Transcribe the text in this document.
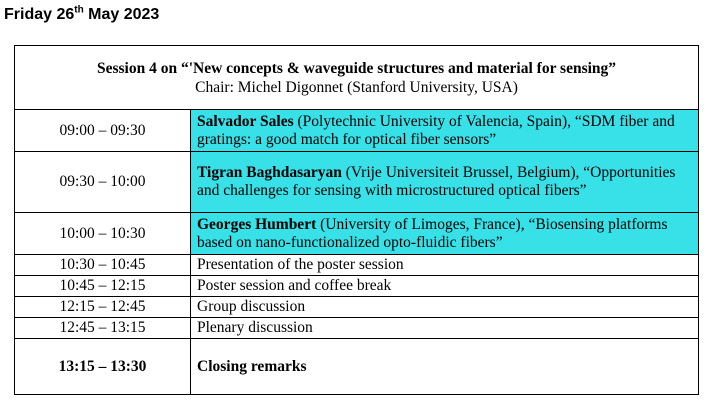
Friday 26th May 2023
Session 4 on “'New concepts & waveguide structures and material for sensing”
Chair: Michel Digonnet (Stanford University, USA)	

09:00 – 09:30	Salvador Sales (Polytechnic University of Valencia, Spain), “SDM fiber and gratings: a good match for optical fiber sensors”
09:30 – 10:00	Tigran Baghdasaryan (Vrije Universiteit Brussel, Belgium), “Opportunities and challenges for sensing with microstructured optical fibers”
10:00 – 10:30	Georges Humbert (University of Limoges, France), “Biosensing platforms based on nano-functionalized opto-fluidic fibers”
10:30 – 10:45	Presentation of the poster session
10:45 – 12:15	Poster session and coffee break
12:15 – 12:45	Group discussion
12:45 – 13:15	Plenary discussion
13:15 – 13:30	Closing remarks
